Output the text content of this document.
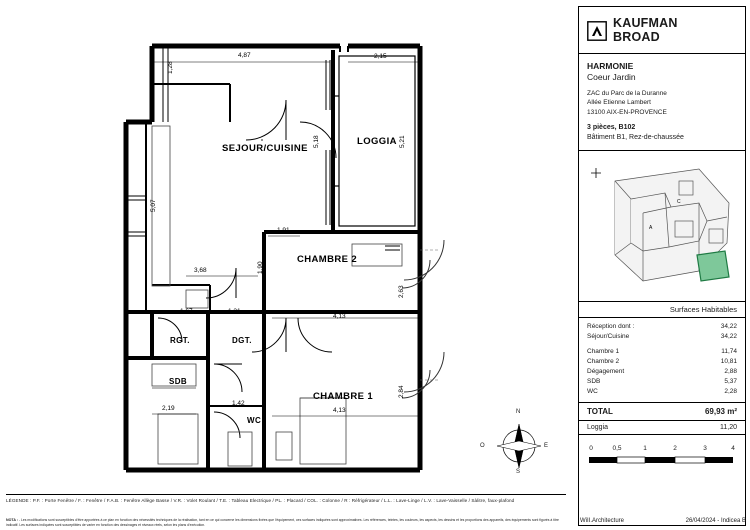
SEJOUR/CUISINE
LOGGIA
CHAMBRE 2
CHAMBRE 1
RGT.	DGT.
SDB
WC
4,87	2,15
1,28
5,18	5,21
5,07
1,91
3,68	1,90
2,63
1,31
1,67
4,13
2,84
2,19
1,42
4,13	N
S
E
O
LÉGENDE : P.F. : Porte Fenêtre / F. : Fenêtre / F.A.B. : Fenêtre Allège Basse / V.R. : Volet Roulant / T.E. : Tableau Electrique / PL. : Placard / COL. : Colonne / R : Réfrigérateur / L.L. : Lave-Linge / L.V. : Lave-Vaisselle / Sàlitre, faux-plafond
NOTA : - Les modifications sont susceptibles d'être apportées à ce plan en fonction des nécessités techniques de la réalisation, tant en ce qui concerne les dimensions fixées que l'équipement, ces surfaces indiquées sont approximatives. Les références, teintes, les couleurs, les aspects, les dessins et les proportions des appareils, des équipements sont figurés à titre indicatif. Les surfaces indiquées sont susceptibles de varier en fonction des dessinages et niveaux réels, selon les plans d'exécution.
KAUFMAN
BROAD
HARMONIE
Coeur Jardin
ZAC du Parc de la Duranne
Allée Etienne Lambert
13100 AIX-EN-PROVENCE
3 pièces, B102
Bâtiment B1, Rez-de-chaussée
C
A
Surfaces Habitables
Réception dont :	34,22
Séjour/Cuisine	34,22
Chambre 1	11,74
Chambre 2	10,81
Dégagement	2,88
SDB	5,37
WC	2,28
TOTAL	69,93 m²
Loggia	11,20
0	0,5	1	2	3	4
WiII.Architecture	26/04/2024 - Indicea B
